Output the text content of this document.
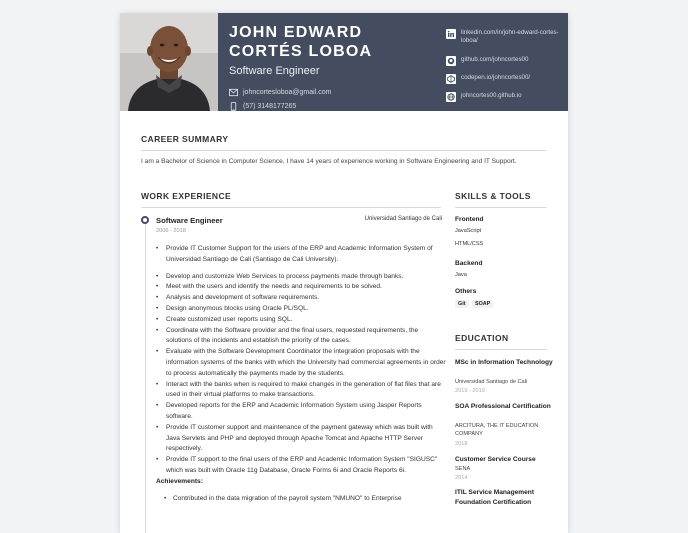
JOHN EDWARD CORTÉS LOBOA
Software Engineer
johncortesloboa@gmail.com
(57) 3148177265
linkedin.com/in/john-edward-cortes-loboa/
github.com/johncortes00
codepen.io/johncortes00/
johncortes00.github.io
CAREER SUMMARY
I am a Bachelor of Science in Computer Science, I have 14 years of experience working in Software Engineering and IT Support.
WORK EXPERIENCE
Software Engineer	Universidad Santiago de Cali
2006 - 2018
• Provide IT Customer Support for the users of the ERP and Academic Information System of Universidad Santiago de Cali (Santiago de Cali University).
• Develop and customize Web Services to process payments made through banks.
• Meet with the users and identify the needs and requirements to be solved.
• Analysis and development of software requirements.
• Design anonymous blocks using Oracle PL/SQL.
• Create customized user reports using SQL.
• Coordinate with the Software provider and the final users, requested requirements, the solutions of the incidents and establish the priority of the cases.
• Evaluate with the Software Development Coordinator the integration proposals with the information systems of the banks with which the University had commercial agreements in order to process automatically the payments made by the students.
• Interact with the banks when is required to make changes in the generation of flat files that are used in their virtual platforms to make transactions.
• Developed reports for the ERP and Academic Information System using Jasper Reports software.
• Provide IT customer support and maintenance of the payment gateway which was built with Java Servlets and PHP and deployed through Apache Tomcat and Apache HTTP Server respectively.
• Provide IT support to the final users of the ERP and Academic Information System "SIGUSC" which was built with Oracle 11g Database, Oracle Forms 6i and Oracle Reports 6i.
Achievements:
• Contributed in the data migration of the payroll system "NMUNO" to Enterprise
SKILLS & TOOLS
Frontend
JavaScript
HTML/CSS
Backend
Java
Others
Git	SOAP
EDUCATION
MSc in Information Technology
Universidad Santiago de Cali
2019 - 2019
SOA Professional Certification
ARCITURA, THE IT EDUCATION COMPANY
2018
Customer Service Course
SENA
2014
ITIL Service Management Foundation Certification
